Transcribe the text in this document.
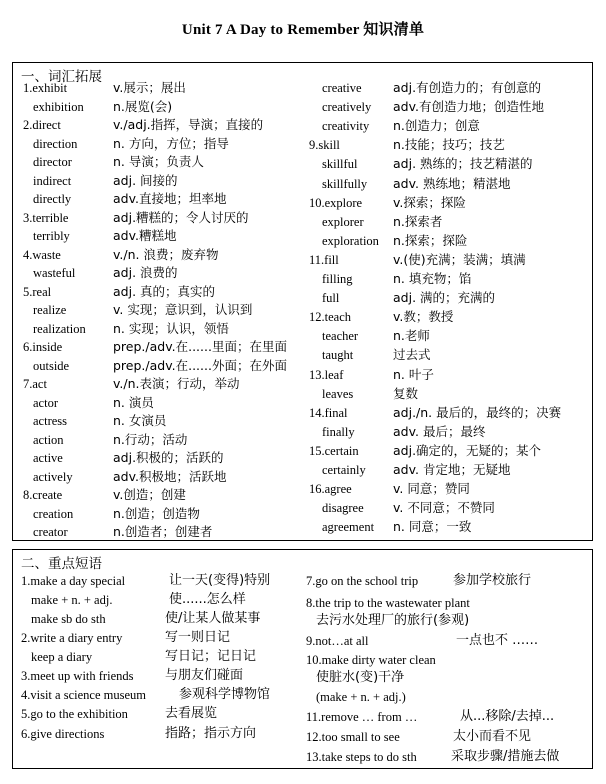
Unit 7 A Day to Remember 知识清单
一、词汇拓展
1.exhibit	v.展示；展出
exhibition n.展览(会)
2.direct	v./adj.指挥，导演；直接的
direction	n. 方向，方位；指导
director	n. 导演；负责人
indirect	adj. 间接的
directly	adv.直接地；坦率地
3.terrible	adj.糟糕的；令人讨厌的
terribly	adv.糟糕地
4.waste	v./n. 浪费；废弃物
wasteful	adj. 浪费的
5.real	adj. 真的；真实的
realize	v. 实现；意识到，认识到
realization n. 实现；认识，领悟
6.inside	prep./adv.在......里面；在里面
outside	prep./adv.在......外面；在外面
7.act	v./n.表演；行动，举动
actor	n. 演员
actress	n. 女演员
action	n.行动；活动
active	adj.积极的；活跃的
actively	adv.积极地；活跃地
8.create	v.创造；创建
creation	n.创造；创造物
creator	n.创造者；创建者
creative	adj.有创造力的；有创意的
creatively adv.有创造力地；创造性地
creativity n.创造力；创意
9.skill	n.技能；技巧；技艺
skillful	adj. 熟练的；技艺精湛的
skillfully adv. 熟练地；精湛地
10.explore v.探索；探险
explorer n.探索者
exploration n.探索；探险
11.fill	v.(使)充满；装满；填满
filling	n. 填充物；馅
full	adj. 满的；充满的
12.teach	v.教；教授
teacher	n.老师
taught	过去式
13.leaf	n. 叶子
leaves	复数
14.final	adj./n. 最后的，最终的；决赛
finally	adv. 最后；最终
15.certain	adj.确定的，无疑的；某个
certainly adv. 肯定地；无疑地
16.agree	v. 同意；赞同
disagree v. 不同意；不赞同
agreement n. 同意；一致
二、重点短语
1.make a day special	让一天(变得)特别
make + n. + adj.	使......怎么样
make sb do sth	使/让某人做某事
2.write a diary entry	写一则日记
keep a diary	写日记；记日记
3.meet up with friends 与朋友们碰面
4.visit a science museum	参观科学博物馆
5.go to the exhibition	去看展览
6.give directions	指路；指示方向
7.go on the school trip	参加学校旅行
8.the trip to the wastewater plant
去污水处理厂的旅行(参观)
9.not…at all	一点也不 ……
10.make dirty water clean
使脏水(变)干净
(make + n. + adj.)
11.remove … from …	从...移除/去掉...
12.too small to see	太小而看不见
13.take steps to do sth	采取步骤/措施去做
